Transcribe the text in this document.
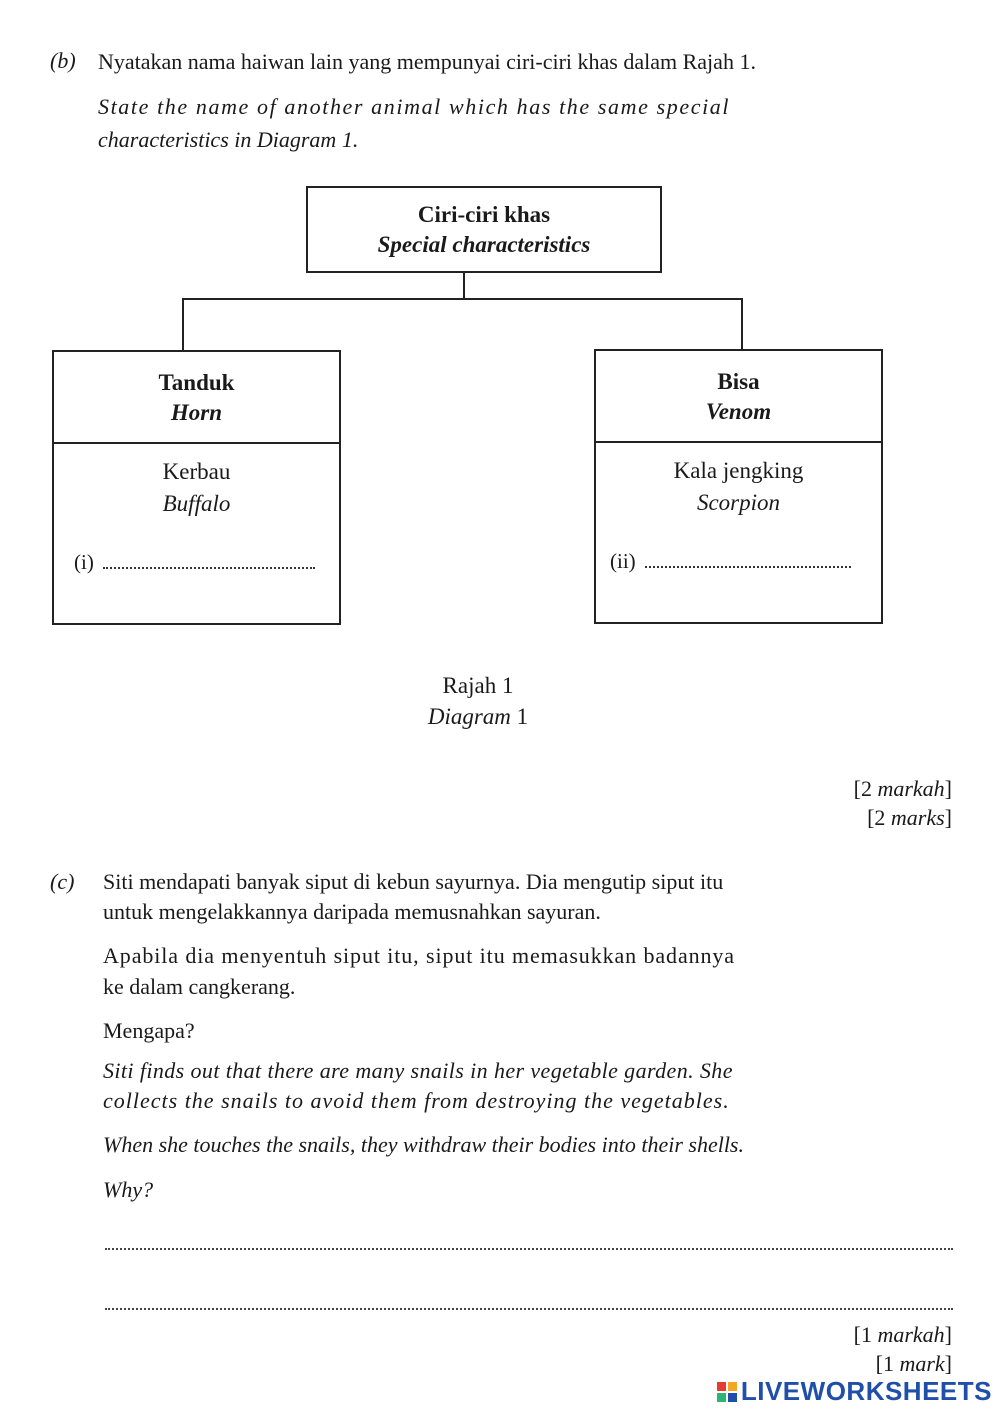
(b) Nyatakan nama haiwan lain yang mempunyai ciri-ciri khas dalam Rajah 1.
State the name of another animal which has the same special
characteristics in Diagram 1.
Ciri-ciri khas
Special characteristics
Tanduk
Horn
Kerbau
Buffalo
(i)
Bisa
Venom
Kala jengking
Scorpion
(ii)
Rajah 1
Diagram 1
[2 markah]
[2 marks]
(c) Siti mendapati banyak siput di kebun sayurnya. Dia mengutip siput itu
untuk mengelakkannya daripada memusnahkan sayuran.
Apabila dia menyentuh siput itu, siput itu memasukkan badannya
ke dalam cangkerang.
Mengapa?
Siti finds out that there are many snails in her vegetable garden. She
collects the snails to avoid them from destroying the vegetables.
When she touches the snails, they withdraw their bodies into their shells.
Why?
[1 markah]
[1 mark]
LIVEWORKSHEETS
